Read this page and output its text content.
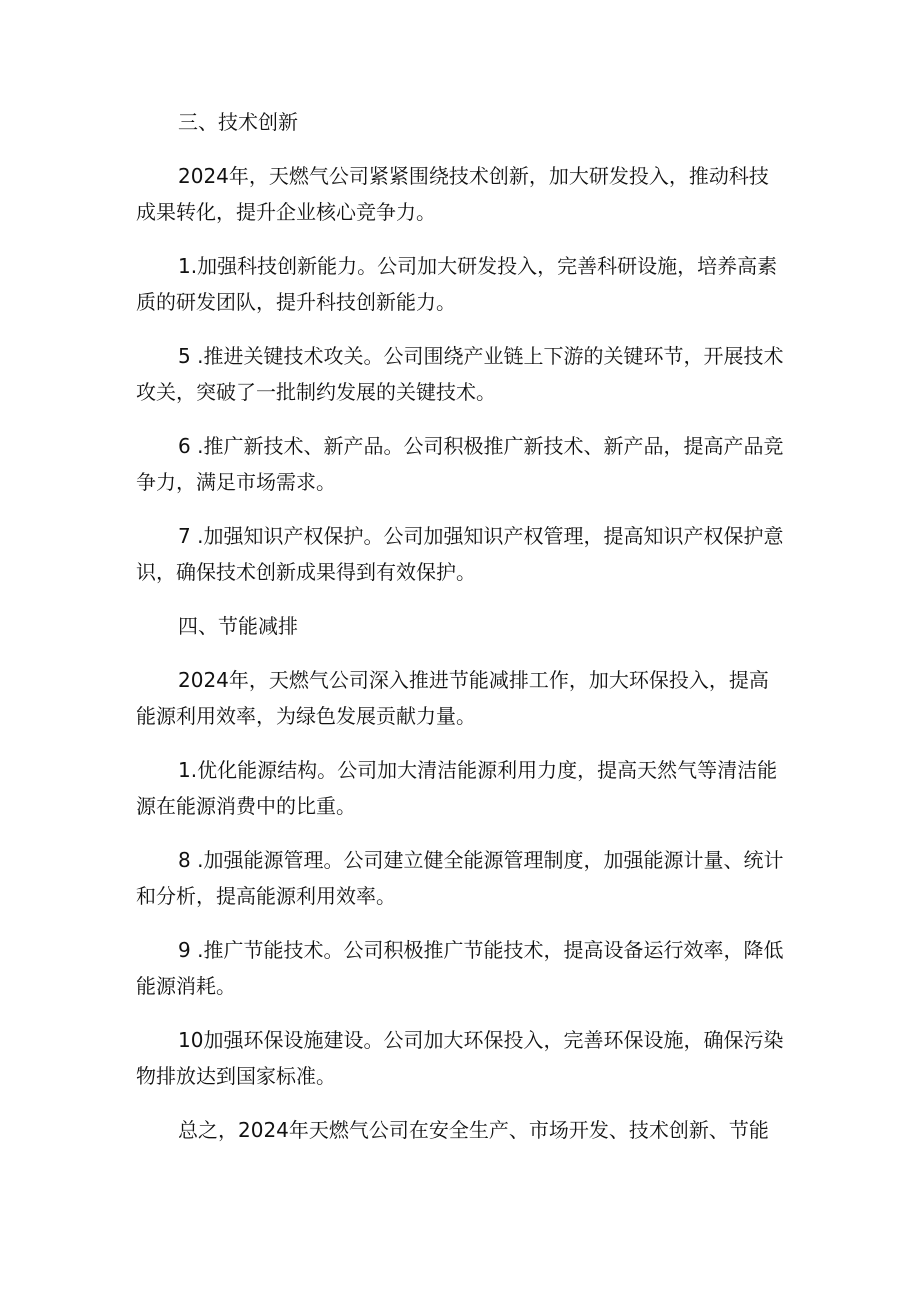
三、技术创新
2024年，天燃气公司紧紧围绕技术创新，加大研发投入，推动科技成果转化，提升企业核心竞争力。
1.加强科技创新能力。公司加大研发投入，完善科研设施，培养高素质的研发团队，提升科技创新能力。
5 .推进关键技术攻关。公司围绕产业链上下游的关键环节，开展技术攻关，突破了一批制约发展的关键技术。
6 .推广新技术、新产品。公司积极推广新技术、新产品，提高产品竞争力，满足市场需求。
7 .加强知识产权保护。公司加强知识产权管理，提高知识产权保护意识，确保技术创新成果得到有效保护。
四、节能减排
2024年，天燃气公司深入推进节能减排工作，加大环保投入，提高能源利用效率，为绿色发展贡献力量。
1.优化能源结构。公司加大清洁能源利用力度，提高天然气等清洁能源在能源消费中的比重。
8 .加强能源管理。公司建立健全能源管理制度，加强能源计量、统计和分析，提高能源利用效率。
9 .推广节能技术。公司积极推广节能技术，提高设备运行效率，降低能源消耗。
10加强环保设施建设。公司加大环保投入，完善环保设施，确保污染物排放达到国家标准。
总之，2024年天燃气公司在安全生产、市场开发、技术创新、节能
